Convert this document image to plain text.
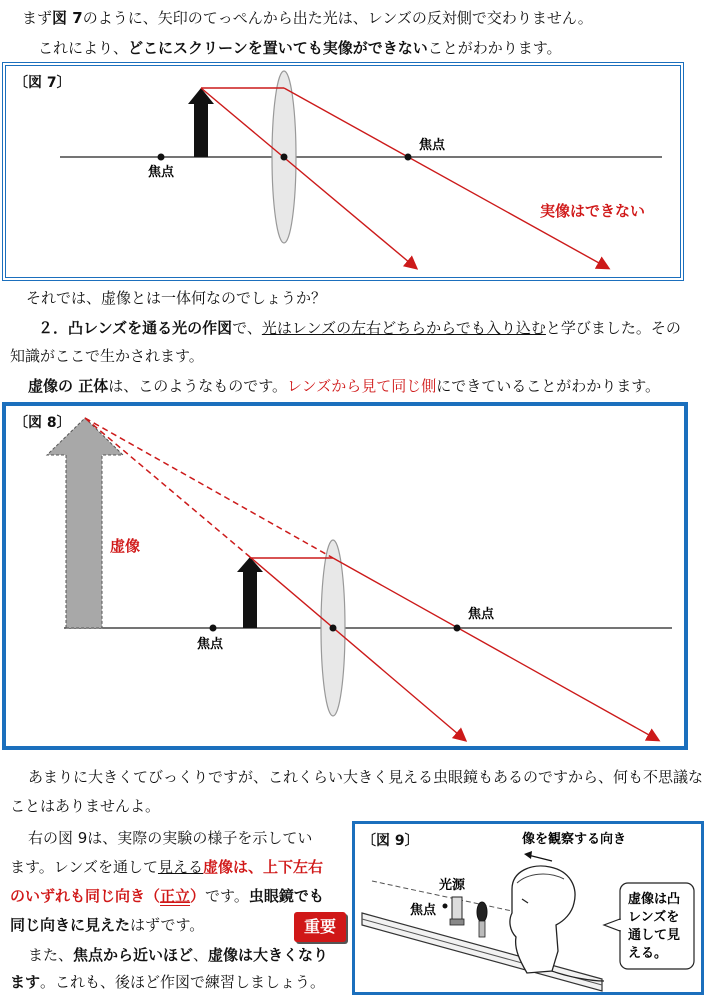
まず図 7のように、矢印のてっぺんから出た光は、レンズの反対側で交わりません。
これにより、どこにスクリーンを置いても実像ができないことがわかります。
〔図 7〕
焦点
焦点
実像はできない
それでは、虚像とは一体何なのでしょうか？
２．凸レンズを通る光の作図で、光はレンズの左右どちらからでも入り込むと学びました。その
知識がここで生かされます。
虚像の 正体は、このようなものです。レンズから見て同じ側にできていることがわかります。
〔図 8〕
虚像
焦点
焦点
あまりに大きくてびっくりですが、これくらい大きく見える虫眼鏡もあるのですから、何も不思議な
ことはありませんよ。
右の図 9は、実際の実験の様子を示してい
ます。レンズを通して見える虚像は、上下左右
のいずれも同じ向き（正立）です。虫眼鏡でも
同じ向きに見えたはずです。	重要
また、焦点から近いほど、虚像は大きくなり
ます。これも、後ほど作図で練習しましょう。
〔図 9〕	像を観察する向き
光源
焦点
虚像は凸
レンズを
通して見
える。
